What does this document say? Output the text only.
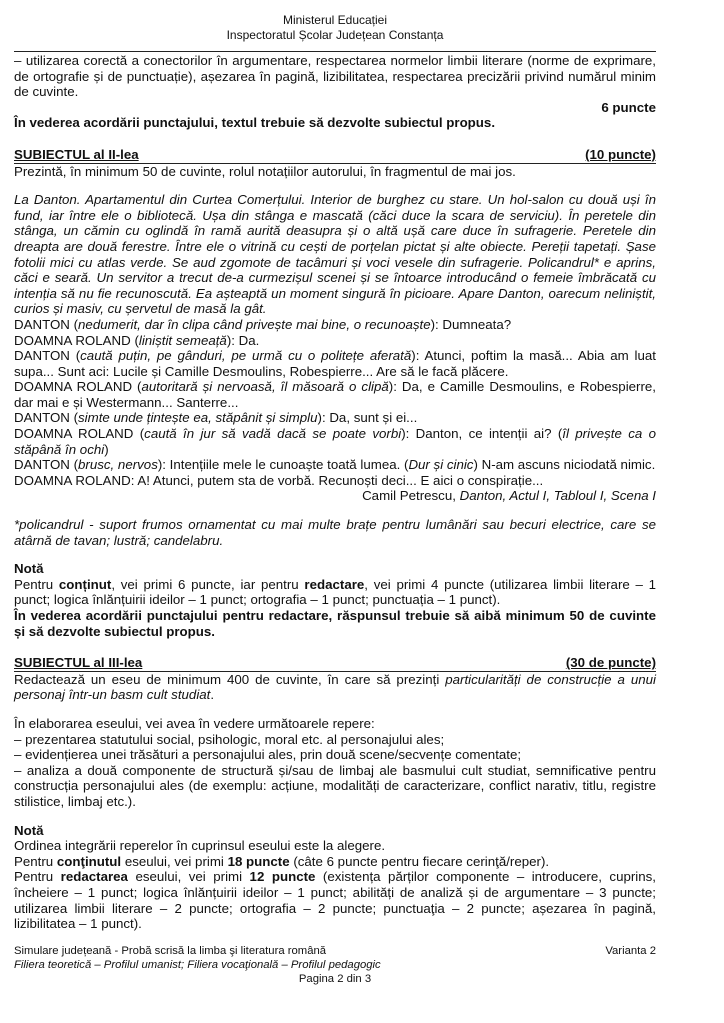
Ministerul Educației
Inspectoratul Școlar Județean Constanța

– utilizarea corectă a conectorilor în argumentare, respectarea normelor limbii literare (norme de exprimare, de ortografie și de punctuație), așezarea în pagină, lizibilitatea, respectarea precizării privind numărul minim de cuvinte.

6 puncte

În vederea acordării punctajului, textul trebuie să dezvolte subiectul propus.

SUBIECTUL al II-lea	(10 puncte)

Prezintă, în minimum 50 de cuvinte, rolul notațiilor autorului, în fragmentul de mai jos.

La Danton. Apartamentul din Curtea Comerțului. Interior de burghez cu stare. Un hol-salon cu două uși în fund, iar între ele o bibliotecă. Ușa din stânga e mascată (căci duce la scara de serviciu). În peretele din stânga, un cămin cu oglindă în ramă aurită deasupra și o altă ușă care duce în sufragerie. Peretele din dreapta are două ferestre. Între ele o vitrină cu cești de porțelan pictat și alte obiecte. Pereții tapetați. Șase fotolii mici cu atlas verde. Se aud zgomote de tacâmuri și voci vesele din sufragerie. Policandrul* e aprins, căci e seară. Un servitor a trecut de-a curmezișul scenei și se întoarce introducând o femeie îmbrăcată cu intenția să nu fie recunoscută. Ea așteaptă un moment singură în picioare. Apare Danton, oarecum neliniștit, curios și masiv, cu șervetul de masă la gât.

DANTON (nedumerit, dar în clipa când privește mai bine, o recunoaște): Dumneata?

DOAMNA ROLAND (liniștit semeață): Da.

DANTON (caută puțin, pe gânduri, pe urmă cu o politețe aferată): Atunci, poftim la masă... Abia am luat supa... Sunt aci: Lucile și Camille Desmoulins, Robespierre... Are să le facă plăcere.

DOAMNA ROLAND (autoritară și nervoasă, îl măsoară o clipă): Da, e Camille Desmoulins, e Robespierre, dar mai e și Westermann... Santerre...

DANTON (simte unde țintește ea, stăpânit și simplu): Da, sunt și ei...

DOAMNA ROLAND (caută în jur să vadă dacă se poate vorbi): Danton, ce intenții ai? (îl privește ca o stăpână în ochi)

DANTON (brusc, nervos): Intențiile mele le cunoaște toată lumea. (Dur și cinic) N-am ascuns niciodată nimic.

DOAMNA ROLAND: A! Atunci, putem sta de vorbă. Recunoști deci... E aici o conspirație...

Camil Petrescu, Danton, Actul I, Tabloul I, Scena I

*policandrul - suport frumos ornamentat cu mai multe brațe pentru lumânări sau becuri electrice, care se atârnă de tavan; lustră; candelabru.

Notă

Pentru conținut, vei primi 6 puncte, iar pentru redactare, vei primi 4 puncte (utilizarea limbii literare – 1 punct; logica înlănțuirii ideilor – 1 punct; ortografia – 1 punct; punctuația – 1 punct).

În vederea acordării punctajului pentru redactare, răspunsul trebuie să aibă minimum 50 de cuvinte și să dezvolte subiectul propus.

SUBIECTUL al III-lea	(30 de puncte)

Redactează un eseu de minimum 400 de cuvinte, în care să prezinți particularități de construcție a unui personaj într-un basm cult studiat.

În elaborarea eseului, vei avea în vedere următoarele repere:

– prezentarea statutului social, psihologic, moral etc. al personajului ales;

– evidențierea unei trăsături a personajului ales, prin două scene/secvențe comentate;

– analiza a două componente de structură și/sau de limbaj ale basmului cult studiat, semnificative pentru construcția personajului ales (de exemplu: acțiune, modalități de caracterizare, conflict narativ, titlu, registre stilistice, limbaj etc.).

Notă

Ordinea integrării reperelor în cuprinsul eseului este la alegere.

Pentru conţinutul eseului, vei primi 18 puncte (câte 6 puncte pentru fiecare cerinţă/reper).

Pentru redactarea eseului, vei primi 12 puncte (existența părților componente – introducere, cuprins, încheiere – 1 punct; logica înlănțuirii ideilor – 1 punct; abilități de analiză și de argumentare – 3 puncte; utilizarea limbii literare – 2 puncte; ortografia – 2 puncte; punctuaţia – 2 puncte; așezarea în pagină, lizibilitatea – 1 punct).

Simulare județeană - Probă scrisă la limba şi literatura română	Varianta 2
Filiera teoretică – Profilul umanist; Filiera vocaţională – Profilul pedagogic
Pagina 2 din 3
